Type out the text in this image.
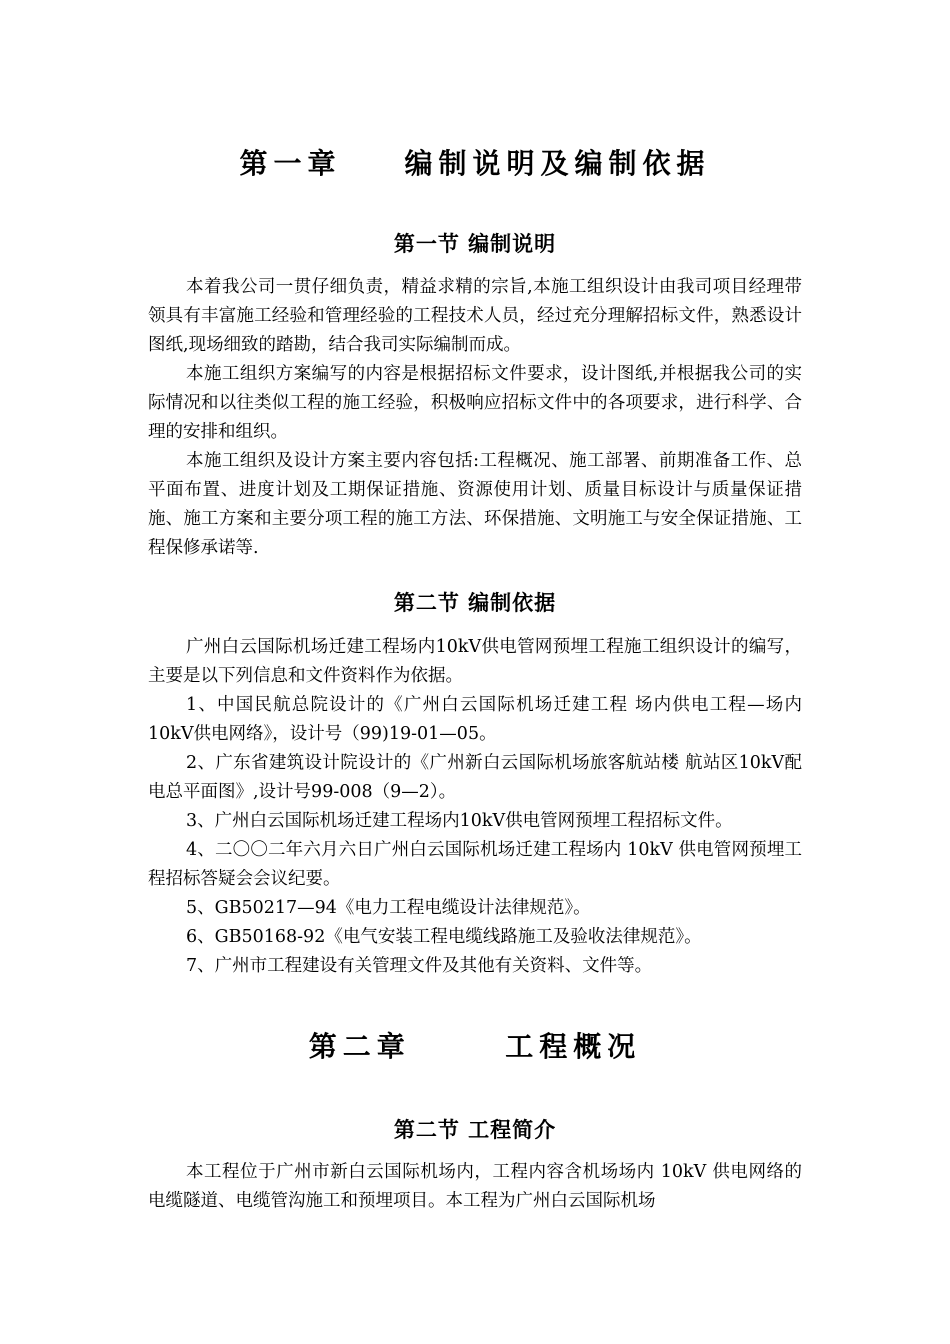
第一章    编制说明及编制依据
第一节 编制说明

本着我公司一贯仔细负责，精益求精的宗旨,本施工组织设计由我司项目经理带领具有丰富施工经验和管理经验的工程技术人员，经过充分理解招标文件，熟悉设计图纸,现场细致的踏勘，结合我司实际编制而成。

本施工组织方案编写的内容是根据招标文件要求，设计图纸,并根据我公司的实际情况和以往类似工程的施工经验，积极响应招标文件中的各项要求，进行科学、合理的安排和组织。

本施工组织及设计方案主要内容包括:工程概况、施工部署、前期准备工作、总平面布置、进度计划及工期保证措施、资源使用计划、质量目标设计与质量保证措施、施工方案和主要分项工程的施工方法、环保措施、文明施工与安全保证措施、工程保修承诺等.

第二节 编制依据

广州白云国际机场迁建工程场内10kV供电管网预埋工程施工组织设计的编写，主要是以下列信息和文件资料作为依据。

1、中国民航总院设计的《广州白云国际机场迁建工程 场内供电工程—场内10kV供电网络》，设计号（99)19-01—05。

2、广东省建筑设计院设计的《广州新白云国际机场旅客航站楼 航站区10kV配电总平面图》,设计号99-008（9—2）。

3、广州白云国际机场迁建工程场内10kV供电管网预埋工程招标文件。

4、二〇〇二年六月六日广州白云国际机场迁建工程场内 10kV 供电管网预埋工程招标答疑会会议纪要。

5、GB50217—94《电力工程电缆设计法律规范》。

6、GB50168-92《电气安装工程电缆线路施工及验收法律规范》。

7、广州市工程建设有关管理文件及其他有关资料、文件等。

第二章      工程概况
第二节 工程简介

本工程位于广州市新白云国际机场内，工程内容含机场场内 10kV 供电网络的电缆隧道、电缆管沟施工和预埋项目。本工程为广州白云国际机场
